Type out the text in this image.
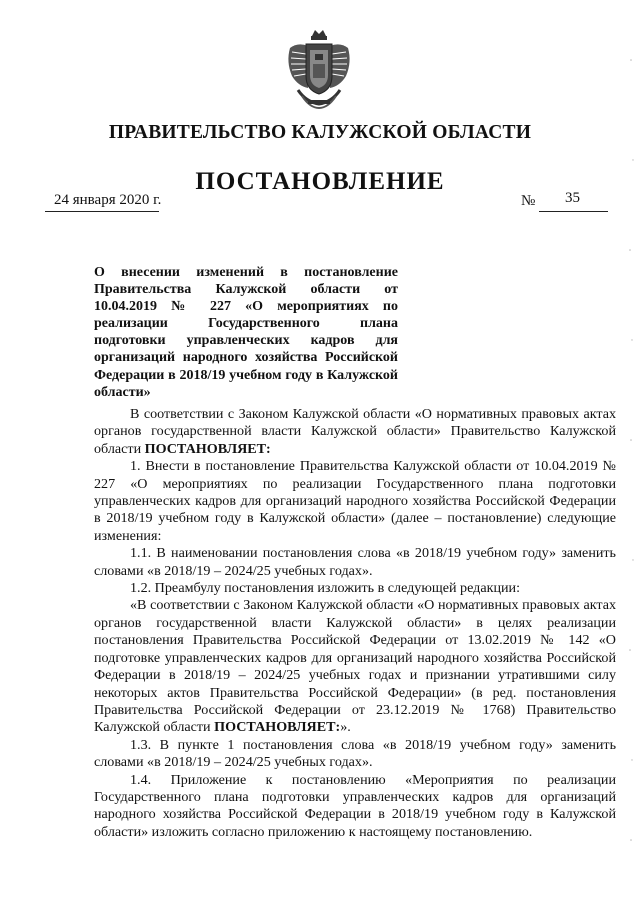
ПРАВИТЕЛЬСТВО КАЛУЖСКОЙ ОБЛАСТИ
ПОСТАНОВЛЕНИЕ
24 января 2020 г.	№ 35
О внесении изменений в постановление Правительства Калужской области от 10.04.2019 № 227 «О мероприятиях по реализации Государственного плана подготовки управленческих кадров для организаций народного хозяйства Российской Федерации в 2018/19 учебном году в Калужской области»

В соответствии с Законом Калужской области «О нормативных правовых актах органов государственной власти Калужской области» Правительство Калужской области ПОСТАНОВЛЯЕТ:

1. Внести в постановление Правительства Калужской области от 10.04.2019 № 227 «О мероприятиях по реализации Государственного плана подготовки управленческих кадров для организаций народного хозяйства Российской Федерации в 2018/19 учебном году в Калужской области» (далее – постановление) следующие изменения:

1.1. В наименовании постановления слова «в 2018/19 учебном году» заменить словами «в 2018/19 – 2024/25 учебных годах».

1.2. Преамбулу постановления изложить в следующей редакции:

«В соответствии с Законом Калужской области «О нормативных правовых актах органов государственной власти Калужской области» в целях реализации постановления Правительства Российской Федерации от 13.02.2019 № 142 «О подготовке управленческих кадров для организаций народного хозяйства Российской Федерации в 2018/19 – 2024/25 учебных годах и признании утратившими силу некоторых актов Правительства Российской Федерации» (в ред. постановления Правительства Российской Федерации от 23.12.2019 № 1768) Правительство Калужской области ПОСТАНОВЛЯЕТ:».

1.3. В пункте 1 постановления слова «в 2018/19 учебном году» заменить словами «в 2018/19 – 2024/25 учебных годах».

1.4. Приложение к постановлению «Мероприятия по реализации Государственного плана подготовки управленческих кадров для организаций народного хозяйства Российской Федерации в 2018/19 учебном году в Калужской области» изложить согласно приложению к настоящему постановлению.
